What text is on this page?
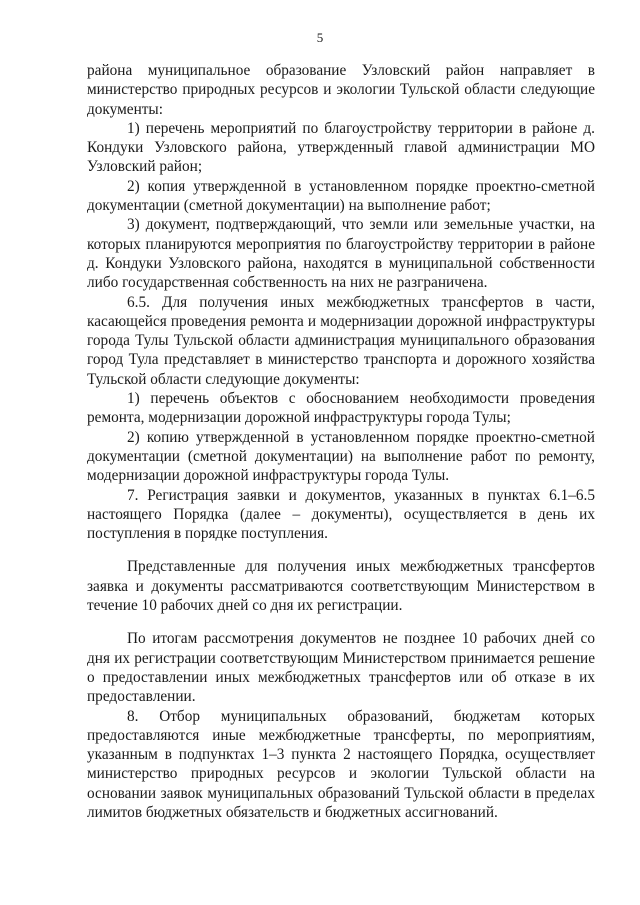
5

района муниципальное образование Узловский район направляет в министерство природных ресурсов и экологии Тульской области следующие документы:

1) перечень мероприятий по благоустройству территории в районе д. Кондуки Узловского района, утвержденный главой администрации МО Узловский район;

2) копия утвержденной в установленном порядке проектно-сметной документации (сметной документации) на выполнение работ;

3) документ, подтверждающий, что земли или земельные участки, на которых планируются мероприятия по благоустройству территории в районе д. Кондуки Узловского района, находятся в муниципальной собственности либо государственная собственность на них не разграничена.

6.5. Для получения иных межбюджетных трансфертов в части, касающейся проведения ремонта и модернизации дорожной инфраструктуры города Тулы Тульской области администрация муниципального образования город Тула представляет в министерство транспорта и дорожного хозяйства Тульской области следующие документы:

1) перечень объектов с обоснованием необходимости проведения ремонта, модернизации дорожной инфраструктуры города Тулы;

2) копию утвержденной в установленном порядке проектно-сметной документации (сметной документации) на выполнение работ по ремонту, модернизации дорожной инфраструктуры города Тулы.

7. Регистрация заявки и документов, указанных в пунктах 6.1–6.5 настоящего Порядка (далее – документы), осуществляется в день их поступления в порядке поступления.

Представленные для получения иных межбюджетных трансфертов заявка и документы рассматриваются соответствующим Министерством в течение 10 рабочих дней со дня их регистрации.

По итогам рассмотрения документов не позднее 10 рабочих дней со дня их регистрации соответствующим Министерством принимается решение о предоставлении иных межбюджетных трансфертов или об отказе в их предоставлении.

8. Отбор муниципальных образований, бюджетам которых предоставляются иные межбюджетные трансферты, по мероприятиям, указанным в подпунктах 1–3 пункта 2 настоящего Порядка, осуществляет министерство природных ресурсов и экологии Тульской области на основании заявок муниципальных образований Тульской области в пределах лимитов бюджетных обязательств и бюджетных ассигнований.
